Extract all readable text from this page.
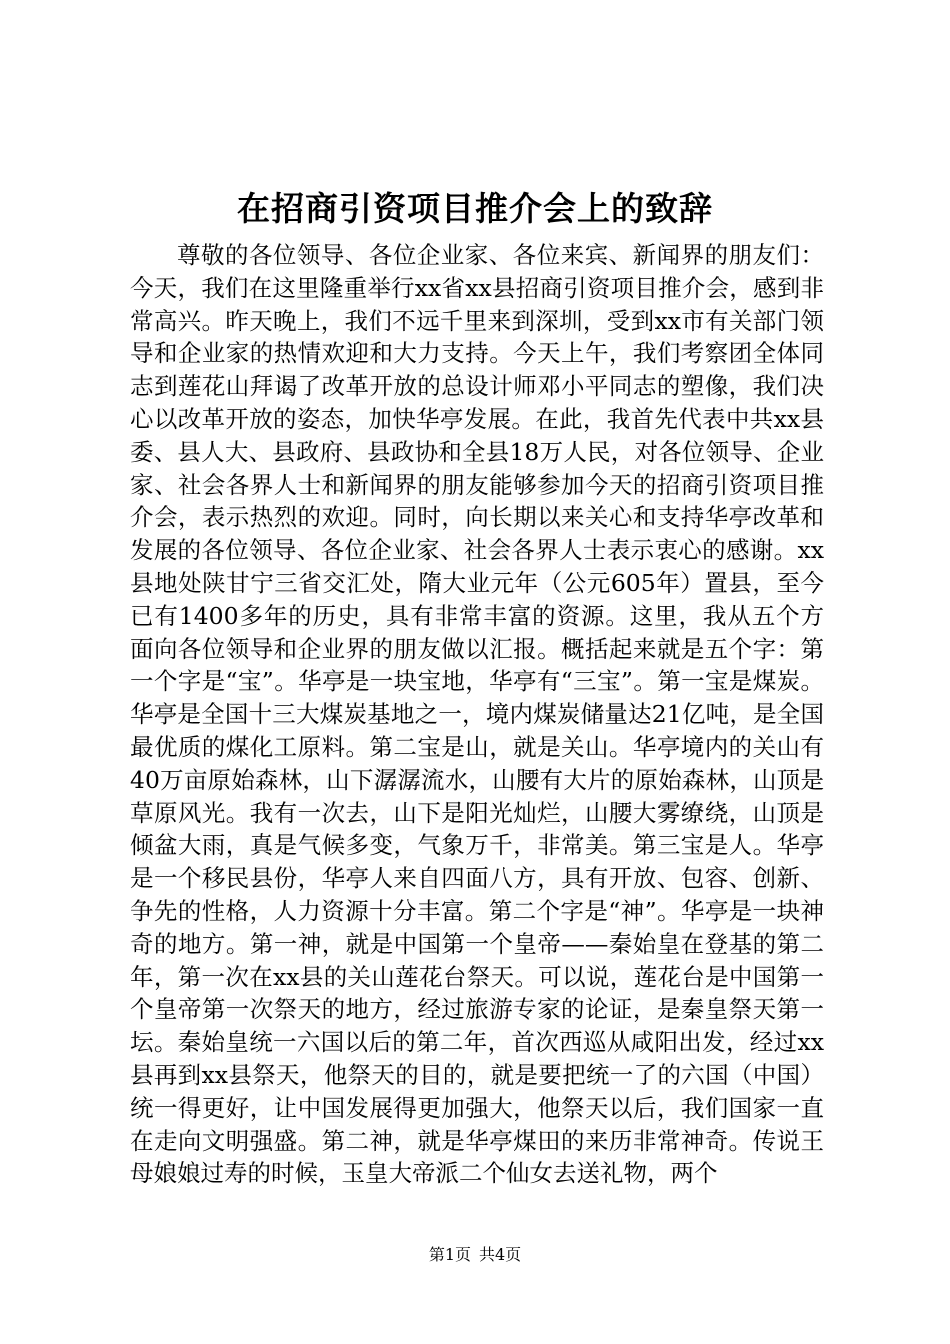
在招商引资项目推介会上的致辞

尊敬的各位领导、各位企业家、各位来宾、新闻界的朋友们：今天，我们在这里隆重举行xx省xx县招商引资项目推介会，感到非常高兴。昨天晚上，我们不远千里来到深圳，受到xx市有关部门领导和企业家的热情欢迎和大力支持。今天上午，我们考察团全体同志到莲花山拜谒了改革开放的总设计师邓小平同志的塑像，我们决心以改革开放的姿态，加快华亭发展。在此，我首先代表中共xx县委、县人大、县政府、县政协和全县18万人民，对各位领导、企业家、社会各界人士和新闻界的朋友能够参加今天的招商引资项目推介会，表示热烈的欢迎。同时，向长期以来关心和支持华亭改革和发展的各位领导、各位企业家、社会各界人士表示衷心的感谢。xx县地处陕甘宁三省交汇处，隋大业元年（公元605年）置县，至今已有1400多年的历史，具有非常丰富的资源。这里，我从五个方面向各位领导和企业界的朋友做以汇报。概括起来就是五个字：第一个字是“宝”。华亭是一块宝地，华亭有“三宝”。第一宝是煤炭。华亭是全国十三大煤炭基地之一，境内煤炭储量达21亿吨，是全国最优质的煤化工原料。第二宝是山，就是关山。华亭境内的关山有40万亩原始森林，山下潺潺流水，山腰有大片的原始森林，山顶是草原风光。我有一次去，山下是阳光灿烂，山腰大雾缭绕，山顶是倾盆大雨，真是气候多变，气象万千，非常美。第三宝是人。华亭是一个移民县份，华亭人来自四面八方，具有开放、包容、创新、争先的性格，人力资源十分丰富。第二个字是“神”。华亭是一块神奇的地方。第一神，就是中国第一个皇帝——秦始皇在登基的第二年，第一次在xx县的关山莲花台祭天。可以说，莲花台是中国第一个皇帝第一次祭天的地方，经过旅游专家的论证，是秦皇祭天第一坛。秦始皇统一六国以后的第二年，首次西巡从咸阳出发，经过xx县再到xx县祭天，他祭天的目的，就是要把统一了的六国（中国）统一得更好，让中国发展得更加强大，他祭天以后，我们国家一直在走向文明强盛。第二神，就是华亭煤田的来历非常神奇。传说王母娘娘过寿的时候，玉皇大帝派二个仙女去送礼物，两个

第1页 共4页
